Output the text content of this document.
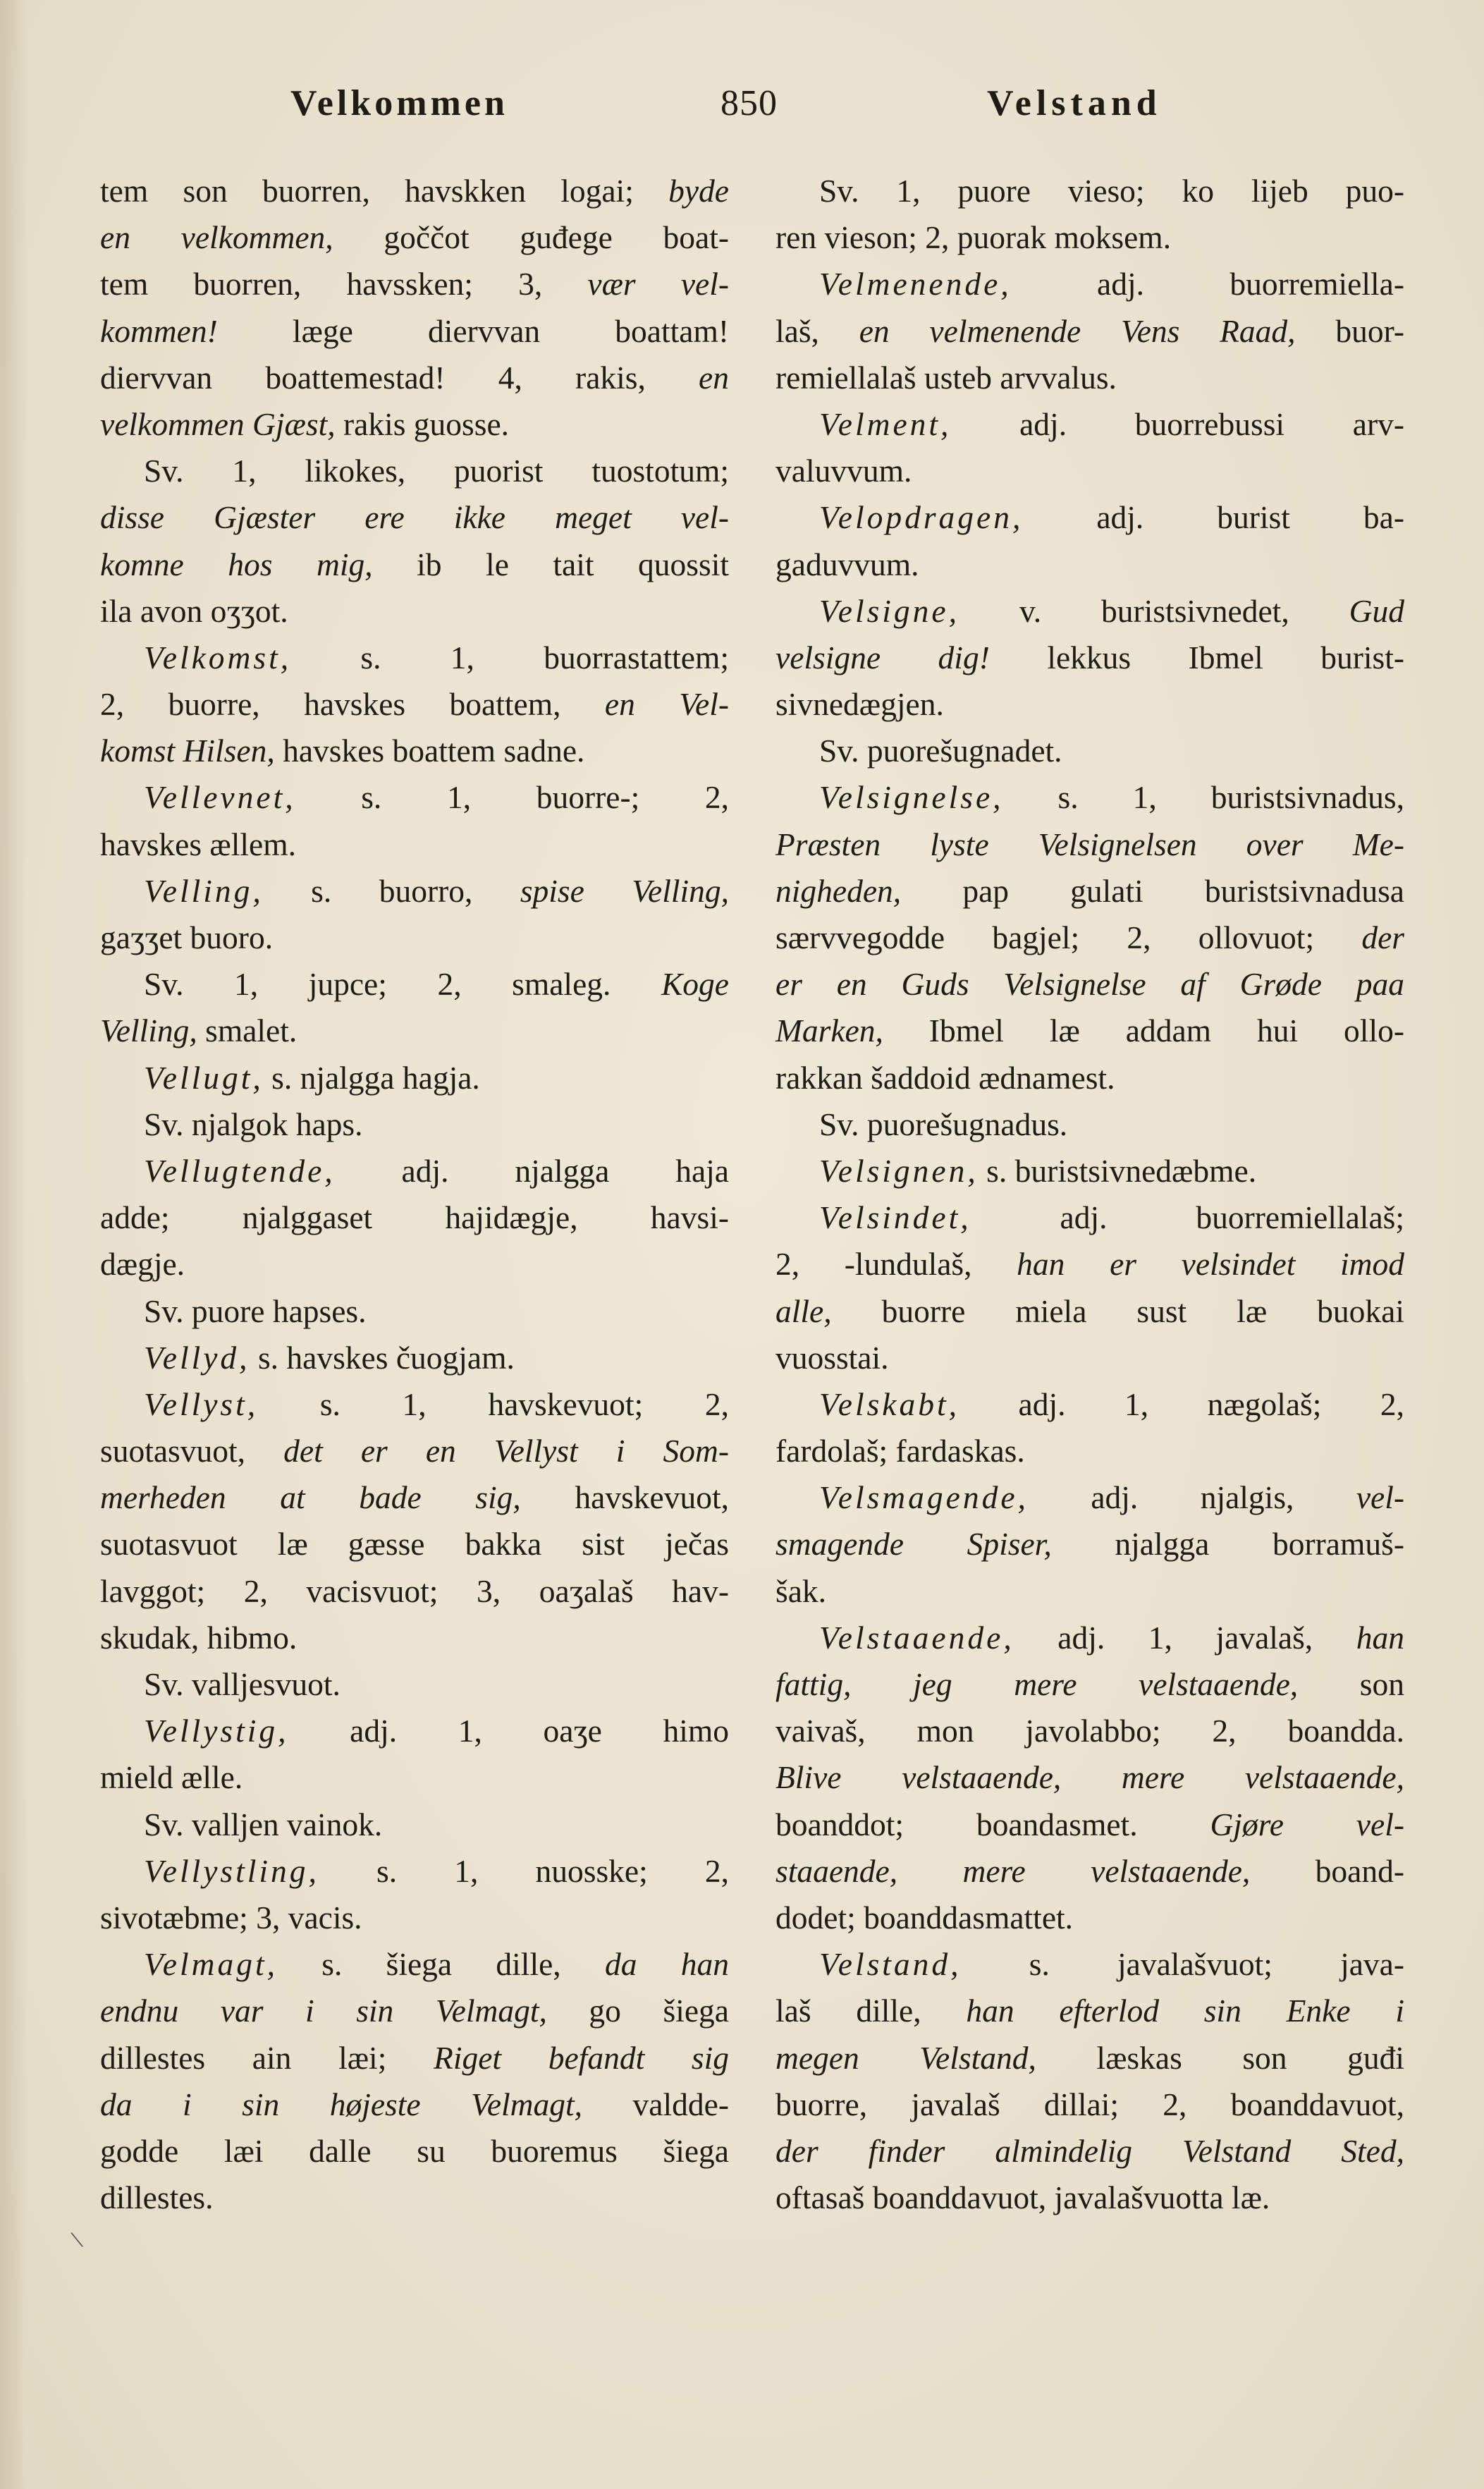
Velkommen	850	Velstand
tem son buorren, havskken logai; byde
en velkommen, goččot guđege boat-
tem buorren, havssken; 3, vær vel-
kommen! læge diervvan boattam!
diervvan boattemestad! 4, rakis, en
velkommen Gjæst, rakis guosse.
Sv. 1, likokes, puorist tuostotum;
disse Gjæster ere ikke meget vel-
komne hos mig, ib le tait quossit
ila avon oʒʒot.
Velkomst, s. 1, buorrastattem;
2, buorre, havskes boattem, en Vel-
komst Hilsen, havskes boattem sadne.
Vellevnet, s. 1, buorre-; 2,
havskes ællem.
Velling, s. buorro, spise Velling,
gaʒʒet buoro.
Sv. 1, jupce; 2, smaleg. Koge
Velling, smalet.
Vellugt, s. njalgga hagja.
Sv. njalgok haps.
Vellugtende, adj. njalgga haja
adde; njalggaset hajidægje, havsi-
dægje.
Sv. puore hapses.
Vellyd, s. havskes čuogjam.
Vellyst, s. 1, havskevuot; 2,
suotasvuot, det er en Vellyst i Som-
merheden at bade sig, havskevuot,
suotasvuot læ gæsse bakka sist ječas
lavggot; 2, vacisvuot; 3, oaʒalaš hav-
skudak, hibmo.
Sv. valljesvuot.
Vellystig, adj. 1, oaʒe himo
mield ælle.
Sv. valljen vainok.
Vellystling, s. 1, nuosske; 2,
sivotæbme; 3, vacis.
Velmagt, s. šiega dille, da han
endnu var i sin Velmagt, go šiega
dillestes ain læi; Riget befandt sig
da i sin højeste Velmagt, valdde-
godde læi dalle su buoremus šiega
dillestes.
Sv. 1, puore vieso; ko lijeb puo-
ren vieson; 2, puorak moksem.
Velmenende, adj. buorremiella-
laš, en velmenende Vens Raad, buor-
remiellalaš usteb arvvalus.
Velment, adj. buorrebussi arv-
valuvvum.
Velopdragen, adj. burist ba-
gaduvvum.
Velsigne, v. buristsivnedet, Gud
velsigne dig! lekkus Ibmel burist-
sivnedægjen.
Sv. puorešugnadet.
Velsignelse, s. 1, buristsivnadus,
Præsten lyste Velsignelsen over Me-
nigheden, pap gulati buristsivnadusa
særvvegodde bagjel; 2, ollovuot; der
er en Guds Velsignelse af Grøde paa
Marken, Ibmel læ addam hui ollo-
rakkan šaddoid ædnamest.
Sv. puorešugnadus.
Velsignen, s. buristsivnedæbme.
Velsindet, adj. buorremiellalaš;
2, -lundulaš, han er velsindet imod
alle, buorre miela sust læ buokai
vuosstai.
Velskabt, adj. 1, nægolaš; 2,
fardolaš; fardaskas.
Velsmagende, adj. njalgis, vel-
smagende Spiser, njalgga borramuš-
šak.
Velstaaende, adj. 1, javalaš, han
fattig, jeg mere velstaaende, son
vaivaš, mon javolabbo; 2, boandda.
Blive velstaaende, mere velstaaende,
boanddot; boandasmet. Gjøre vel-
staaende, mere velstaaende, boand-
dodet; boanddasmattet.
Velstand, s. javalašvuot; java-
laš dille, han efterlod sin Enke i
megen Velstand, læskas son guđi
buorre, javalaš dillai; 2, boanddavuot,
der finder almindelig Velstand Sted,
oftasaš boanddavuot, javalašvuotta læ.
\
